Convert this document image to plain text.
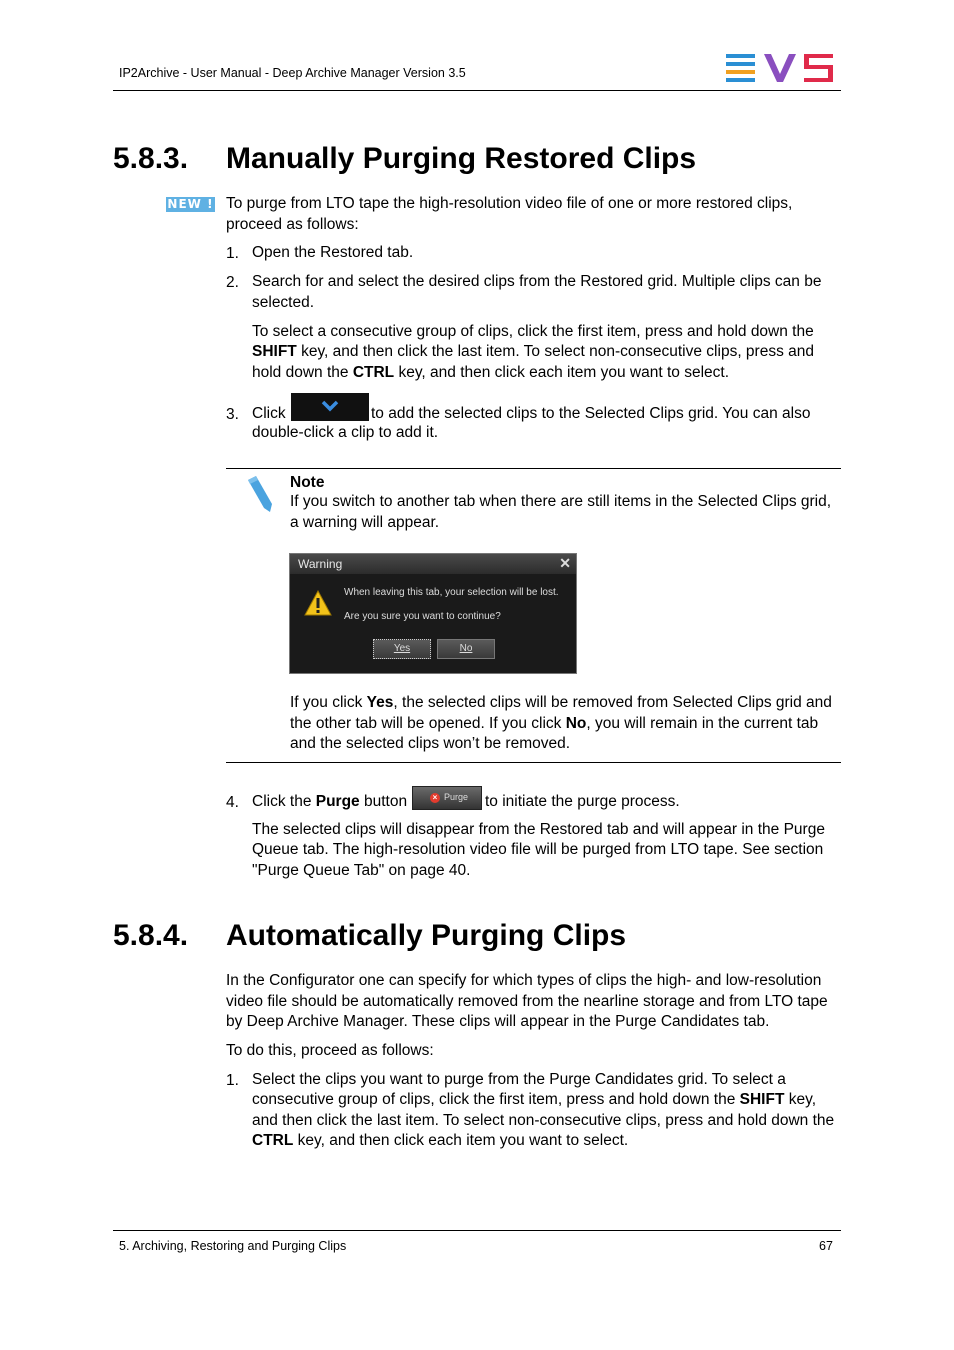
IP2Archive - User Manual - Deep Archive Manager Version 3.5
5.8.3. Manually Purging Restored Clips
NEW ! To purge from LTO tape the high-resolution video file of one or more restored clips,
proceed as follows:
1. Open the Restored tab.
2. Search for and select the desired clips from the Restored grid. Multiple clips can be
selected.
To select a consecutive group of clips, click the first item, press and hold down the
SHIFT key, and then click the last item. To select non-consecutive clips, press and
hold down the CTRL key, and then click each item you want to select.
3. Click	to add the selected clips to the Selected Clips grid. You can also
double-click a clip to add it.
Note
If you switch to another tab when there are still items in the Selected Clips grid,
a warning will appear.
Warning	✕
When leaving this tab, your selection will be lost.
Are you sure you want to continue?
Yes	No
If you click Yes, the selected clips will be removed from Selected Clips grid and
the other tab will be opened. If you click No, you will remain in the current tab
and the selected clips won’t be removed.
4. Click the Purge button	× Purge to initiate the purge process.
The selected clips will disappear from the Restored tab and will appear in the Purge
Queue tab. The high-resolution video file will be purged from LTO tape. See section
"Purge Queue Tab" on page 40.
5.8.4. Automatically Purging Clips
In the Configurator one can specify for which types of clips the high- and low-resolution
video file should be automatically removed from the nearline storage and from LTO tape
by Deep Archive Manager. These clips will appear in the Purge Candidates tab.
To do this, proceed as follows:
1. Select the clips you want to purge from the Purge Candidates grid. To select a
consecutive group of clips, click the first item, press and hold down the SHIFT key,
and then click the last item. To select non-consecutive clips, press and hold down the
CTRL key, and then click each item you want to select.
5. Archiving, Restoring and Purging Clips	67
